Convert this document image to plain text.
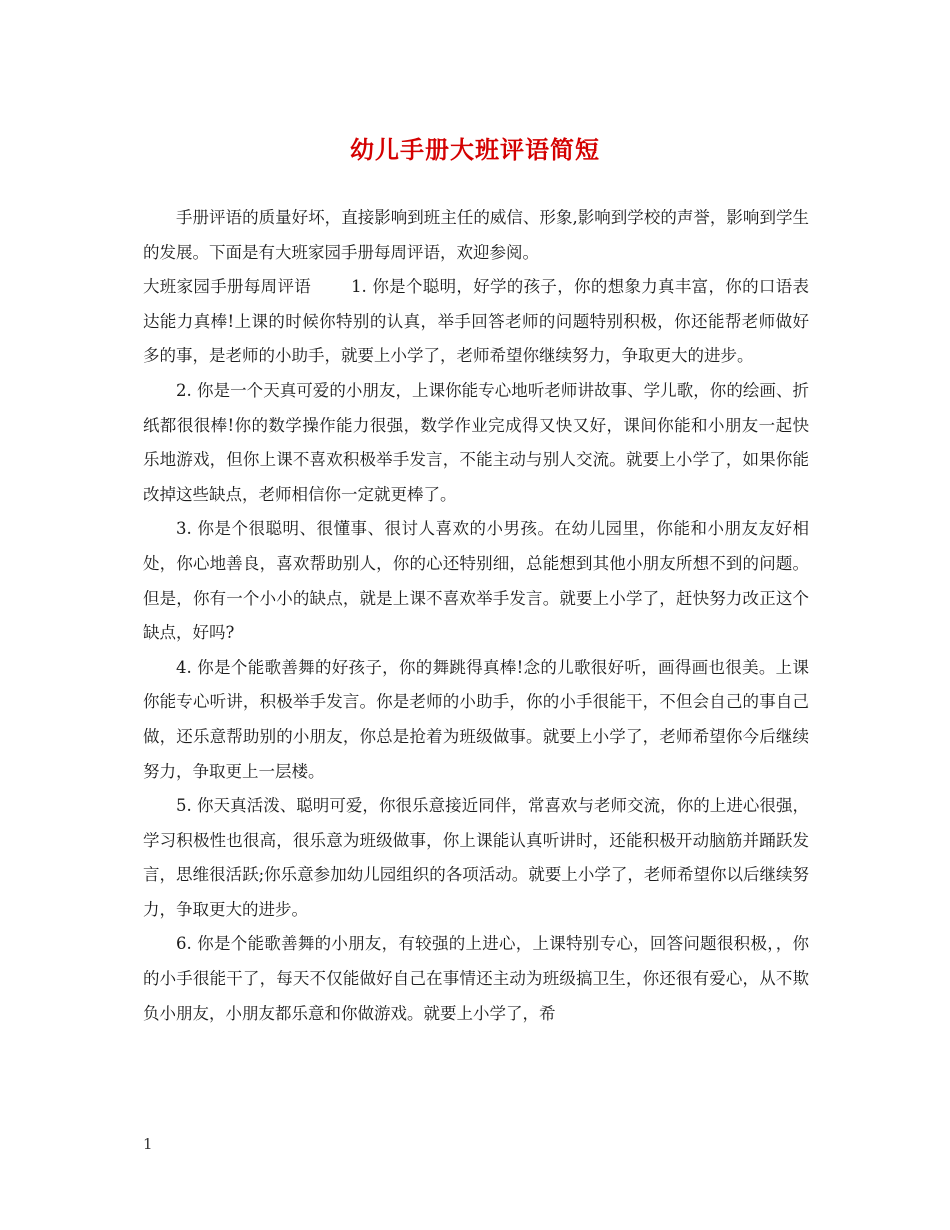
幼儿手册大班评语简短

手册评语的质量好坏，直接影响到班主任的威信、形象,影响到学校的声誉，影响到学生的发展。下面是有大班家园手册每周评语，欢迎参阅。

大班家园手册每周评语 1. 你是个聪明，好学的孩子，你的想象力真丰富，你的口语表达能力真棒!上课的时候你特别的认真，举手回答老师的问题特别积极，你还能帮老师做好多的事，是老师的小助手，就要上小学了，老师希望你继续努力，争取更大的进步。

2. 你是一个天真可爱的小朋友，上课你能专心地听老师讲故事、学儿歌，你的绘画、折纸都很很棒!你的数学操作能力很强，数学作业完成得又快又好，课间你能和小朋友一起快乐地游戏，但你上课不喜欢积极举手发言，不能主动与别人交流。就要上小学了，如果你能改掉这些缺点，老师相信你一定就更棒了。

3. 你是个很聪明、很懂事、很讨人喜欢的小男孩。在幼儿园里，你能和小朋友友好相处，你心地善良，喜欢帮助别人，你的心还特别细，总能想到其他小朋友所想不到的问题。但是，你有一个小小的缺点，就是上课不喜欢举手发言。就要上小学了，赶快努力改正这个缺点，好吗?

4. 你是个能歌善舞的好孩子，你的舞跳得真棒!念的儿歌很好听，画得画也很美。上课你能专心听讲，积极举手发言。你是老师的小助手，你的小手很能干，不但会自己的事自己做，还乐意帮助别的小朋友，你总是抢着为班级做事。就要上小学了，老师希望你今后继续努力，争取更上一层楼。

5. 你天真活泼、聪明可爱，你很乐意接近同伴，常喜欢与老师交流，你的上进心很强，学习积极性也很高，很乐意为班级做事，你上课能认真听讲时，还能积极开动脑筋并踊跃发言，思维很活跃;你乐意参加幼儿园组织的各项活动。就要上小学了，老师希望你以后继续努力，争取更大的进步。

6. 你是个能歌善舞的小朋友，有较强的上进心，上课特别专心，回答问题很积极，，你的小手很能干了，每天不仅能做好自己在事情还主动为班级搞卫生，你还很有爱心，从不欺负小朋友，小朋友都乐意和你做游戏。就要上小学了，希

1
